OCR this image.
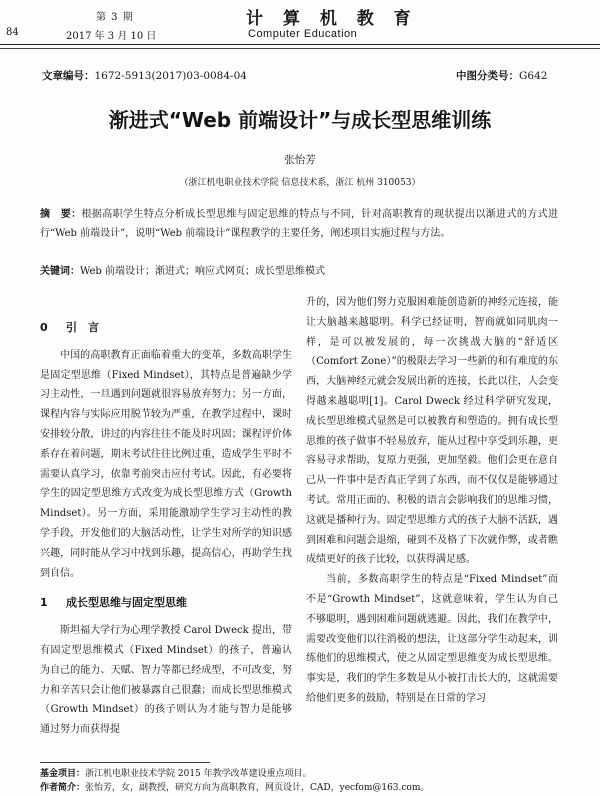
第 3 期
84	2017 年 3 月 10 日
计 算 机 教 育
Computer Education
文章编号：1672-5913(2017)03-0084-04	中图分类号：G642
渐进式“Web 前端设计”与成长型思维训练
张怡芳
（浙江机电职业技术学院 信息技术系，浙江 杭州 310053）
摘　要：根据高职学生特点分析成长型思维与固定思维的特点与不同，针对高职教育的现状提出以渐进式的方式进行“Web 前端设计”，说明“Web 前端设计”课程教学的主要任务，阐述项目实施过程与方法。
关键词：Web 前端设计；渐进式；响应式网页；成长型思维模式
0 引　言

中国的高职教育正面临着重大的变革，多数高职学生是固定型思维（Fixed Mindset），其特点是普遍缺少学习主动性，一旦遇到问题就很容易放弃努力；另一方面，课程内容与实际应用脱节较为严重，在教学过程中，课时安排较分散，讲过的内容往往不能及时巩固；课程评价体系存在着问题，期末考试往往比例过重，造成学生平时不需要认真学习，依靠考前突击应付考试。因此，有必要将学生的固定型思维方式改变为成长型思维方式（Growth Mindset）。另一方面，采用能激励学生学习主动性的教学手段，开发他们的大脑活动性，让学生对所学的知识感兴趣，同时能从学习中找到乐趣，提高信心，再助学生找到自信。

1 成长型思维与固定型思维

斯坦福大学行为心理学教授 Carol Dweck 提出，带有固定型思维模式（Fixed Mindset）的孩子，普遍认为自己的能力、天赋、智力等都已经成型，不可改变，努力和辛苦只会让他们被暴露自己很蠢；而成长型思维模式（Growth Mindset）的孩子则认为才能与智力是能够通过努力而获得提

升的，因为他们努力克服困难能创造新的神经元连接，能让大脑越来越聪明。科学已经证明，智商就如同肌肉一样，是可以被发展的，每一次挑战大脑的“舒适区（Comfort Zone）”的极限去学习一些新的和有难度的东西，大脑神经元就会发展出新的连接，长此以往，人会变得越来越聪明[1]。Carol Dweck 经过科学研究发现，成长型思维模式显然是可以被教育和塑造的。拥有成长型思维的孩子做事不轻易放弃，能从过程中享受到乐趣，更容易寻求帮助，复原力更强，更加坚毅。他们会更在意自己从一件事中是否真正学到了东西，而不仅仅是能够通过考试。常用正面的、积极的语言会影响我们的思维习惯，这就是播种行为。固定型思维方式的孩子大脑不活跃，遇到困难和问题会退缩，碰到不及格了下次就作弊，或者瞧成绩更好的孩子比较，以获得满足感。

当前，多数高职学生的特点是“Fixed Mindset”而不是“Growth Mindset”，这就意味着，学生认为自己不够聪明，遇到困难问题就逃避。因此，我们在教学中，需要改变他们以往消极的想法，让这部分学生动起来，训练他们的思维模式，使之从固定型思维变为成长型思维。事实是，我们的学生多数是从小被打击长大的，这就需要给他们更多的鼓励，特别是在日常的学习

基金项目：浙江机电职业技术学院 2015 年教学改革建设重点项目。
作者简介：张怡芳，女，副教授，研究方向为高职教育，网页设计，CAD，yecfom@163.com。
